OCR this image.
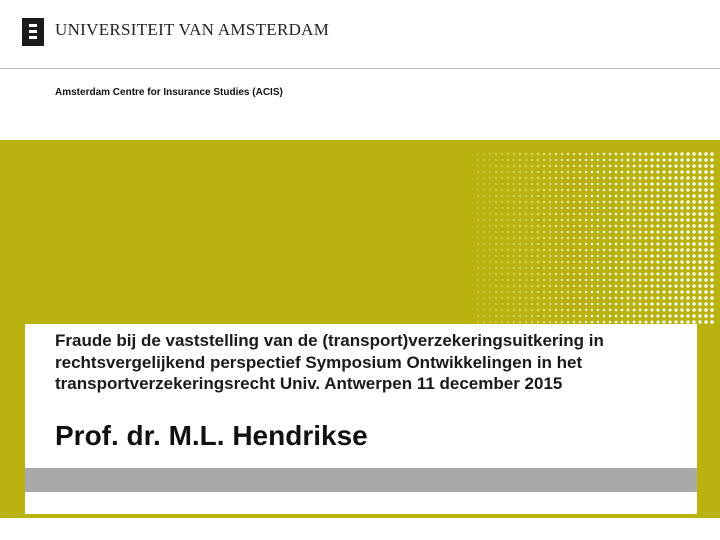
UNIVERSITEIT VAN AMSTERDAM
Amsterdam Centre for Insurance Studies (ACIS)
Fraude bij de vaststelling van de (transport)verzekeringsuitkering in rechtsvergelijkend perspectief Symposium Ontwikkelingen in het transportverzekeringsrecht Univ. Antwerpen 11 december 2015
Prof. dr. M.L. Hendrikse
